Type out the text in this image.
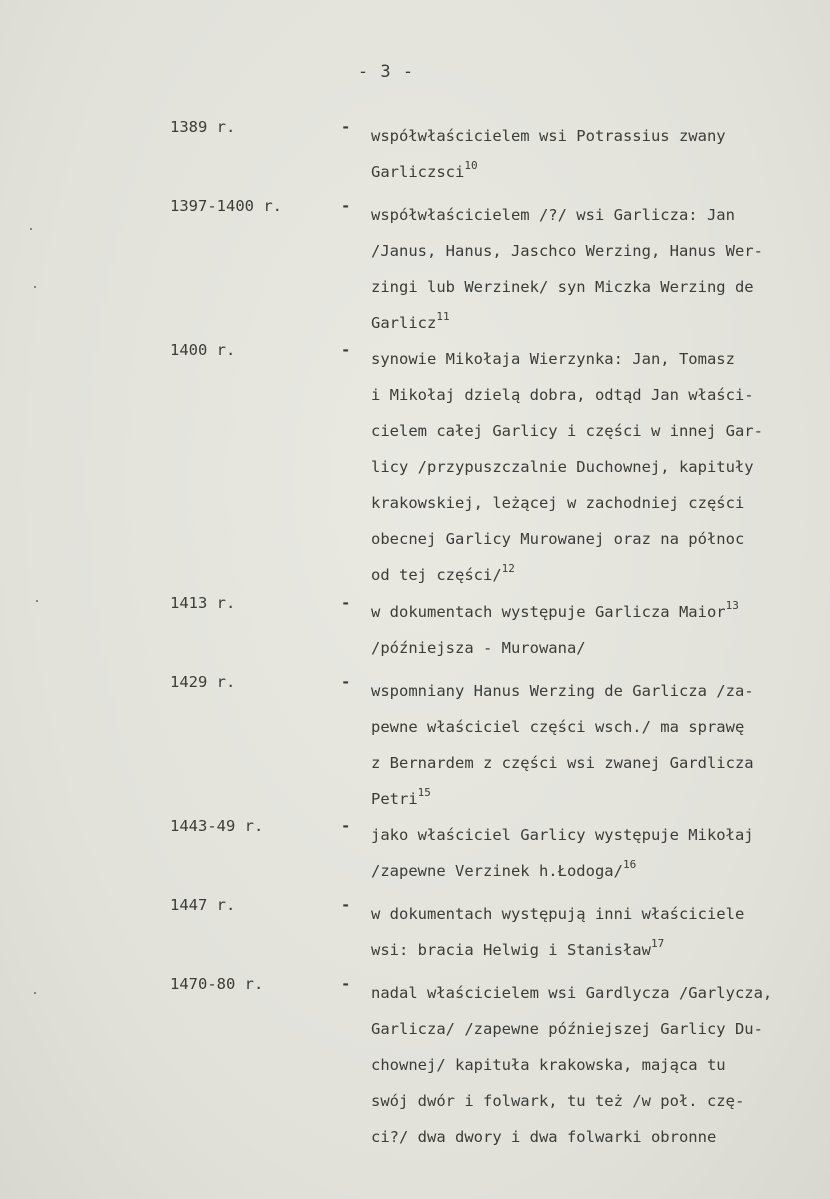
- 3 -
1389 r.	- współwłaścicielem wsi Potrassius zwany
Garliczsci$^{10}$
1397-1400 r.	- współwłaścicielem /?/ wsi Garlicza: Jan
/Janus, Hanus, Jaschco Werzing, Hanus Wer-
zingi lub Werzinek/ syn Miczka Werzing de
Garlicz$^{11}$
1400 r.	- synowie Mikołaja Wierzynka: Jan, Tomasz
i Mikołaj dzielą dobra, odtąd Jan właści-
cielem całej Garlicy i części w innej Gar-
licy /przypuszczalnie Duchownej, kapituły
krakowskiej, leżącej w zachodniej części
obecnej Garlicy Murowanej oraz na północ
od tej części/$^{12}$
1413 r.	- w dokumentach występuje Garlicza Maior$^{13}$
/późniejsza - Murowana/
1429 r.	- wspomniany Hanus Werzing de Garlicza /za-
pewne właściciel części wsch./ ma sprawę
z Bernardem z części wsi zwanej Gardlicza
Petri$^{15}$
1443-49 r.	- jako właściciel Garlicy występuje Mikołaj
/zapewne Verzinek h.Łodoga/$^{16}$
1447 r.	- w dokumentach występują inni właściciele
wsi: bracia Helwig i Stanisław$^{17}$
1470-80 r.	- nadal właścicielem wsi Gardlycza /Garlycza,
Garlicza/ /zapewne późniejszej Garlicy Du-
chownej/ kapituła krakowska, mająca tu
swój dwór i folwark, tu też /w poł. czę-
ci?/ dwa dwory i dwa folwarki obronne
